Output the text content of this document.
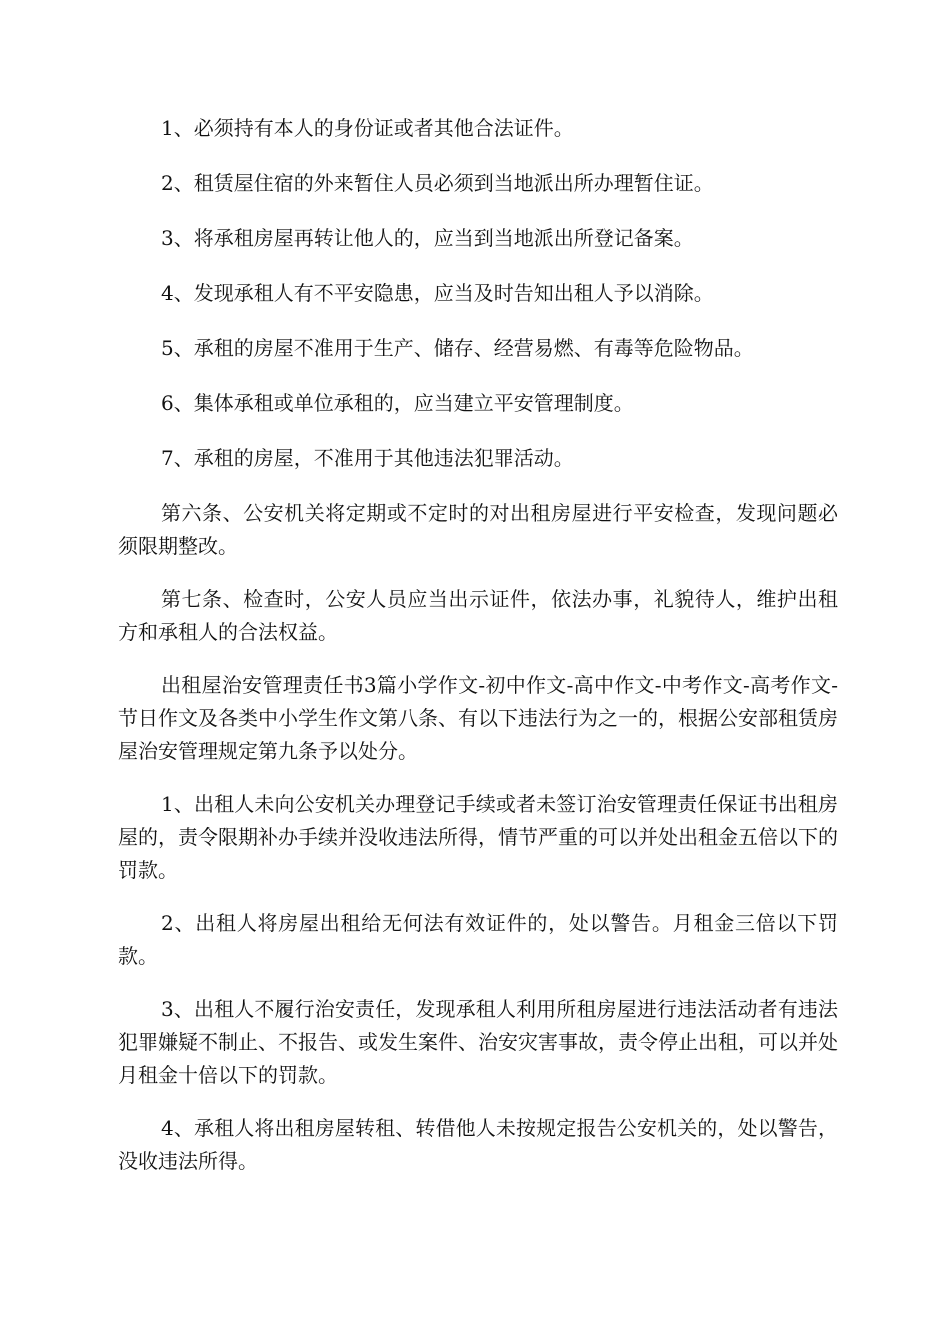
1、必须持有本人的身份证或者其他合法证件。

2、租赁屋住宿的外来暂住人员必须到当地派出所办理暂住证。

3、将承租房屋再转让他人的，应当到当地派出所登记备案。

4、发现承租人有不平安隐患，应当及时告知出租人予以消除。

5、承租的房屋不准用于生产、储存、经营易燃、有毒等危险物品。

6、集体承租或单位承租的，应当建立平安管理制度。

7、承租的房屋，不准用于其他违法犯罪活动。

第六条、公安机关将定期或不定时的对出租房屋进行平安检查，发现问题必须限期整改。

第七条、检查时，公安人员应当出示证件，依法办事，礼貌待人，维护出租方和承租人的合法权益。

出租屋治安管理责任书3篇小学作文-初中作文-高中作文-中考作文-高考作文-节日作文及各类中小学生作文第八条、有以下违法行为之一的，根据公安部租赁房屋治安管理规定第九条予以处分。

1、出租人未向公安机关办理登记手续或者未签订治安管理责任保证书出租房屋的，责令限期补办手续并没收违法所得，情节严重的可以并处出租金五倍以下的罚款。

2、出租人将房屋出租给无何法有效证件的，处以警告。月租金三倍以下罚款。

3、出租人不履行治安责任，发现承租人利用所租房屋进行违法活动者有违法犯罪嫌疑不制止、不报告、或发生案件、治安灾害事故，责令停止出租，可以并处月租金十倍以下的罚款。

4、承租人将出租房屋转租、转借他人未按规定报告公安机关的，处以警告，没收违法所得。
